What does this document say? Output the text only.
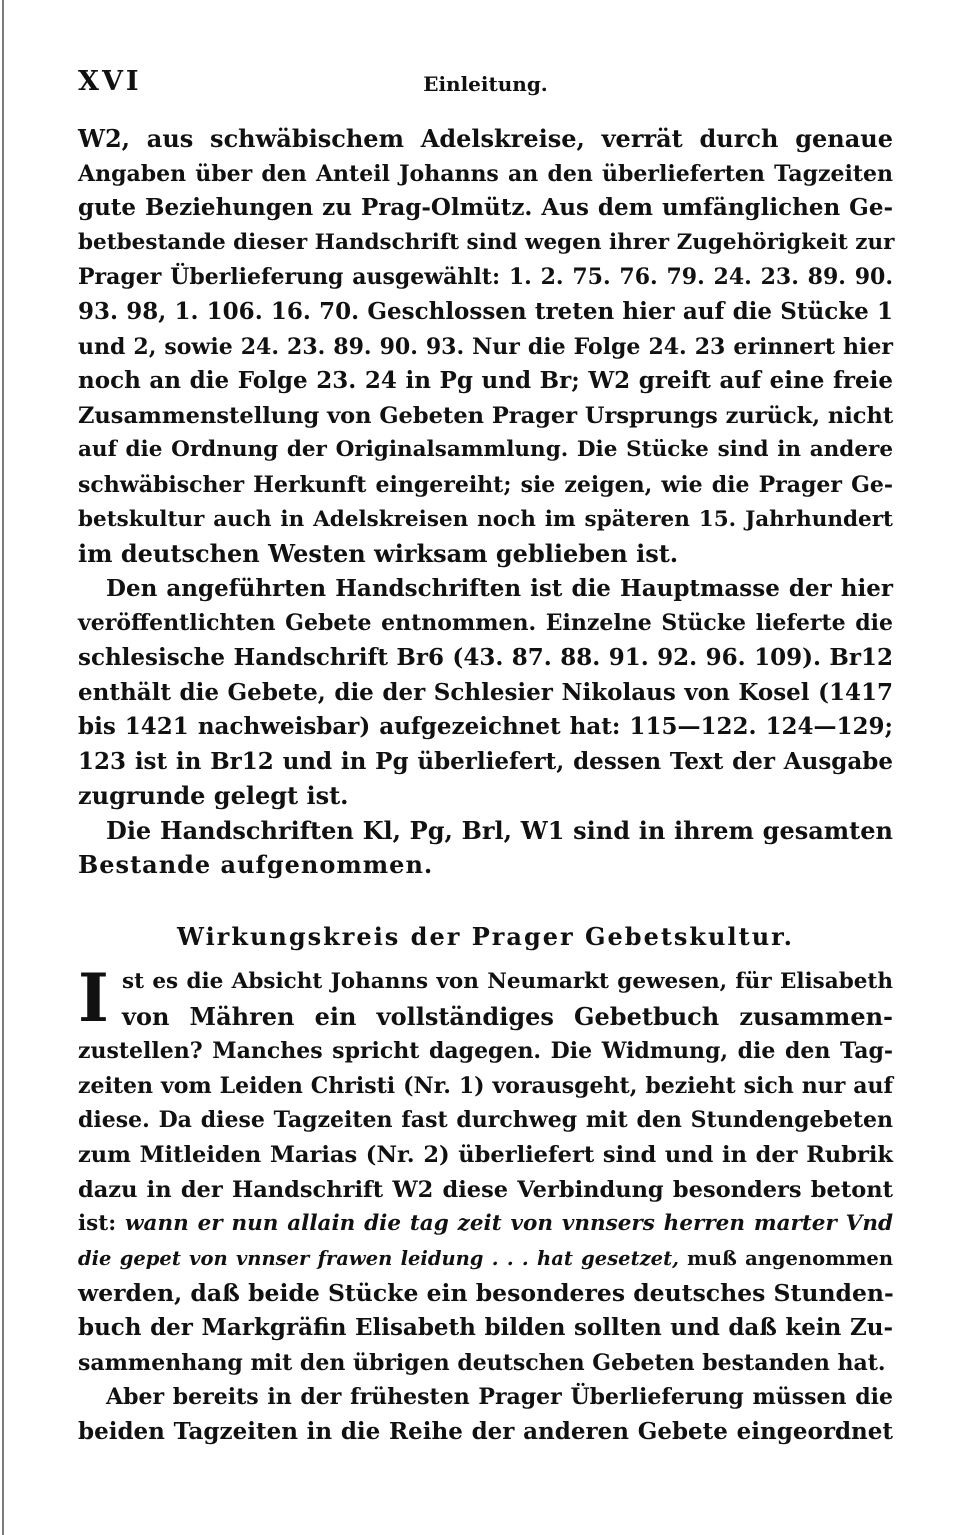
XVI	Einleitung.
W2, aus schwäbischem Adelskreise, verrät durch genaue
Angaben über den Anteil Johanns an den überlieferten Tagzeiten
gute Beziehungen zu Prag-Olmütz. Aus dem umfänglichen Ge-
betbestande dieser Handschrift sind wegen ihrer Zugehörigkeit zur
Prager Überlieferung ausgewählt: 1. 2. 75. 76. 79. 24. 23. 89. 90.
93. 98, 1. 106. 16. 70. Geschlossen treten hier auf die Stücke 1
und 2, sowie 24. 23. 89. 90. 93. Nur die Folge 24. 23 erinnert hier
noch an die Folge 23. 24 in Pg und Br; W2 greift auf eine freie
Zusammenstellung von Gebeten Prager Ursprungs zurück, nicht
auf die Ordnung der Originalsammlung. Die Stücke sind in andere
schwäbischer Herkunft eingereiht; sie zeigen, wie die Prager Ge-
betskultur auch in Adelskreisen noch im späteren 15. Jahrhundert
im deutschen Westen wirksam geblieben ist.
Den angeführten Handschriften ist die Hauptmasse der hier
veröffentlichten Gebete entnommen. Einzelne Stücke lieferte die
schlesische Handschrift Br6 (43. 87. 88. 91. 92. 96. 109). Br12
enthält die Gebete, die der Schlesier Nikolaus von Kosel (1417
bis 1421 nachweisbar) aufgezeichnet hat: 115—122. 124—129;
123 ist in Br12 und in Pg überliefert, dessen Text der Ausgabe
zugrunde gelegt ist.
Die Handschriften Kl, Pg, Brl, W1 sind in ihrem gesamten
Bestande aufgenommen.
Wirkungskreis der Prager Gebetskultur.
I st es die Absicht Johanns von Neumarkt gewesen, für Elisabeth
von Mähren ein vollständiges Gebetbuch zusammen-
zustellen? Manches spricht dagegen. Die Widmung, die den Tag-
zeiten vom Leiden Christi (Nr. 1) vorausgeht, bezieht sich nur auf
diese. Da diese Tagzeiten fast durchweg mit den Stundengebeten
zum Mitleiden Marias (Nr. 2) überliefert sind und in der Rubrik
dazu in der Handschrift W2 diese Verbindung besonders betont
ist: wann er nun allain die tag zeit von vnnsers herren marter Vnd
die gepet von vnnser frawen leidung . . . hat gesetzet, muß angenommen
werden, daß beide Stücke ein besonderes deutsches Stunden-
buch der Markgräfin Elisabeth bilden sollten und daß kein Zu-
sammenhang mit den übrigen deutschen Gebeten bestanden hat.
Aber bereits in der frühesten Prager Überlieferung müssen die
beiden Tagzeiten in die Reihe der anderen Gebete eingeordnet
